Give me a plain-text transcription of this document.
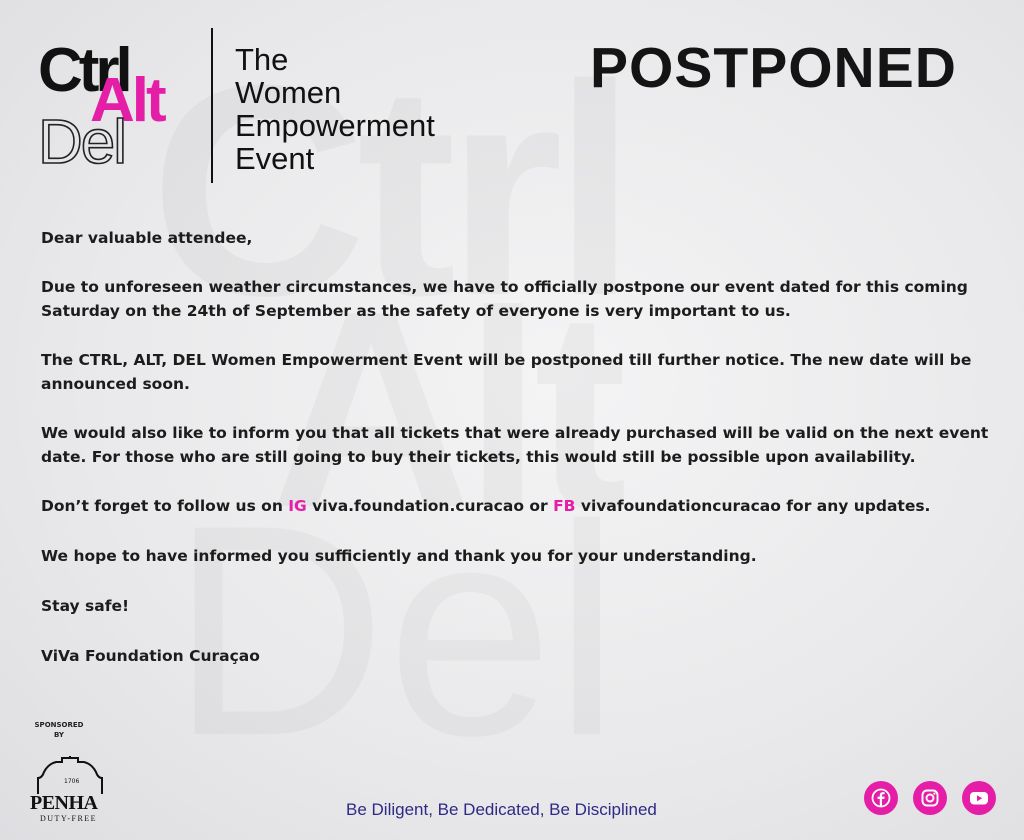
Ctrl
Alt
Del
The
Women
Empowerment
Event
POSTPONED

Dear valuable attendee,

Due to unforeseen weather circumstances, we have to officially postpone our event dated for this coming Saturday on the 24th of September as the safety of everyone is very important to us.

The CTRL, ALT, DEL Women Empowerment Event will be postponed till further notice. The new date will be announced soon.

We would also like to inform you that all tickets that were already purchased will be valid on the next event date. For those who are still going to buy their tickets, this would still be possible upon availability.

Don’t forget to follow us on IG viva.foundation.curacao or FB vivafoundationcuracao for any updates.

We hope to have informed you sufficiently and thank you for your understanding.

Stay safe!

ViVa Foundation Curaçao

SPONSORED
BY
1706
PENHA
DUTY-FREE	Be Diligent, Be Dedicated, Be Disciplined
